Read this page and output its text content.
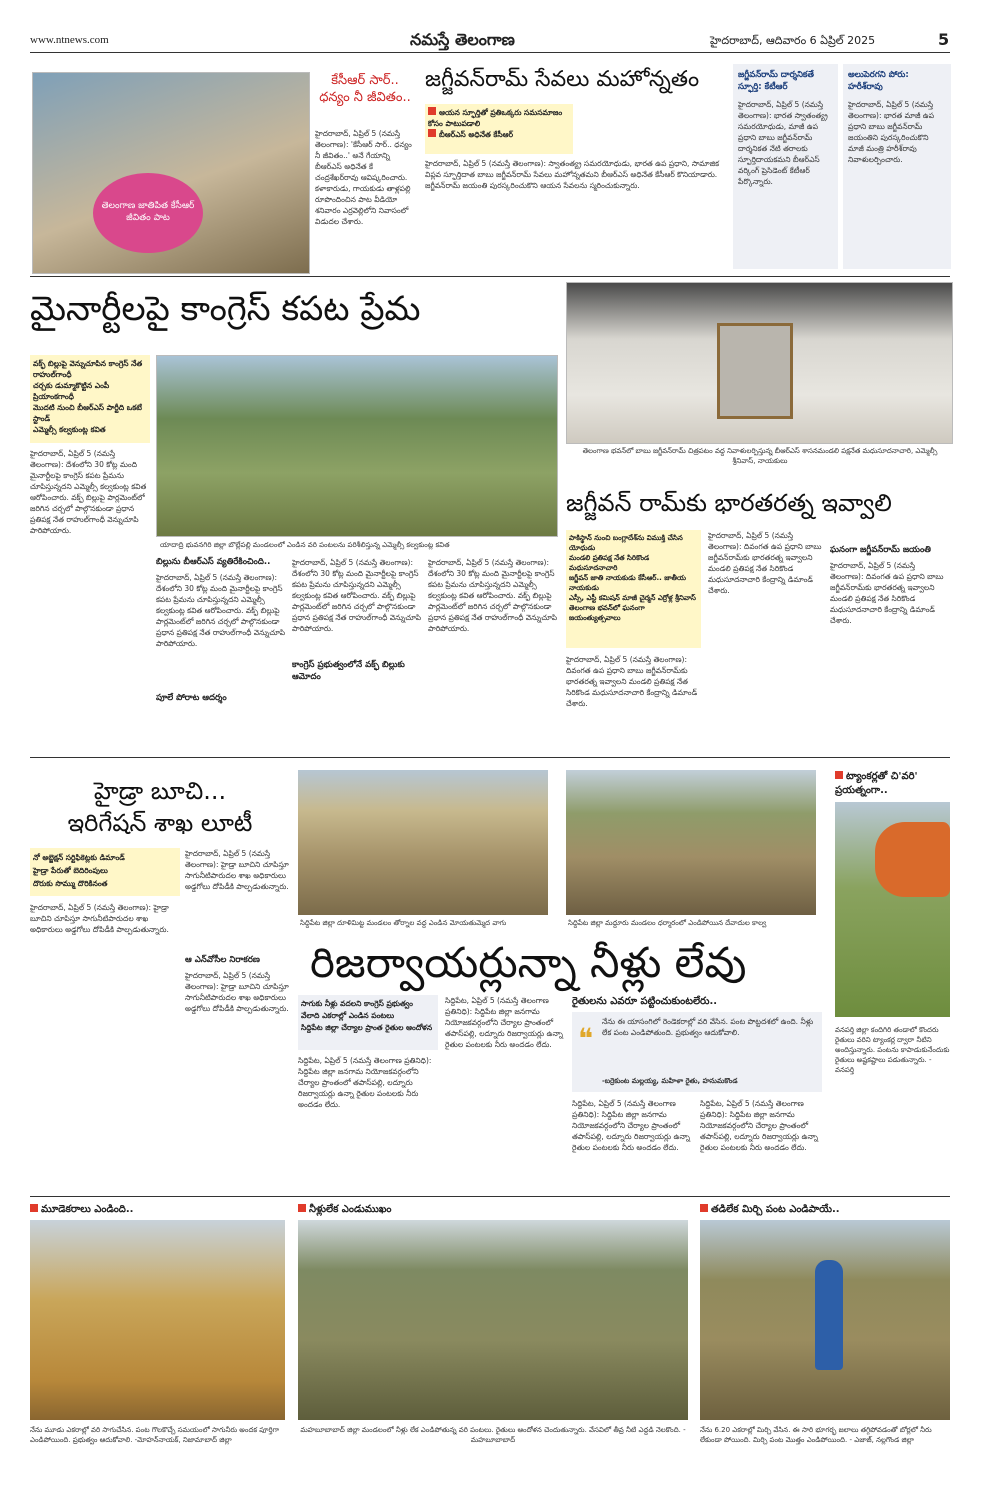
www.ntnews.com	నమస్తే తెలంగాణ	హైదరాబాద్, ఆదివారం 6 ఏప్రిల్ 2025	5
తెలంగాణ జాతిపిత కేసీఆర్ జీవితం పాట
కేసీఆర్ సార్.. ధన్యం నీ జీవితం..
హైదరాబాద్, ఏప్రిల్ 5 (నమస్తే తెలంగాణ): 'కేసీఆర్ సార్.. ధన్యం నీ జీవితం..' అనే గేయాన్ని బీఆర్‌ఎస్ అధినేత కే చంద్రశేఖర్‌రావు ఆవిష్కరించారు. కళాకారుడు, గాయకుడు తాళ్లపల్లి రూపొందించిన పాట వీడియో శనివారం ఎర్రవెల్లిలోని నివాసంలో విడుదల చేశారు.
జగ్జీవన్‌రామ్ సేవలు మహోన్నతం
ఆయన స్ఫూర్తితో ప్రతిఒక్కరు సమసమాజం కోసం పాటుపడాలి
బీఆర్‌ఎస్ అధినేత కేసీఆర్
హైదరాబాద్, ఏప్రిల్ 5 (నమస్తే తెలంగాణ): స్వాతంత్య్ర సమరయోధుడు, భారత ఉప ప్రధాని, సామాజిక విప్లవ స్ఫూర్తిదాత బాబు జగ్జీవన్‌రామ్ సేవలు మహోన్నతమని బీఆర్‌ఎస్ అధినేత కేసీఆర్ కొనియాడారు. జగ్జీవన్‌రామ్ జయంతి పురస్కరించుకొని ఆయన సేవలను స్మరించుకున్నారు.
జగ్జీవన్‌రామ్ దార్శనికతే స్ఫూర్తి: కేటీఆర్
హైదరాబాద్, ఏప్రిల్ 5 (నమస్తే తెలంగాణ): భారత స్వాతంత్య్ర సమరయోధుడు, మాజీ ఉప ప్రధాని బాబు జగ్జీవన్‌రామ్ దార్శనికత నేటి తరాలకు స్ఫూర్తిదాయకమని బీఆర్‌ఎస్ వర్కింగ్ ప్రెసిడెంట్ కేటీఆర్ పేర్కొన్నారు.
అలుపెరగని పోరు: హరీశ్‌రావు
హైదరాబాద్, ఏప్రిల్ 5 (నమస్తే తెలంగాణ): భారత మాజీ ఉప ప్రధాని బాబు జగ్జీవన్‌రామ్ జయంతిని పురస్కరించుకొని మాజీ మంత్రి హరీశ్‌రావు నివాళులర్పించారు.
మైనార్టీలపై కాంగ్రెస్ కపట ప్రేమ
వక్ఫ్ బిల్లుపై వెన్నుచూపిన కాంగ్రెస్ నేత రాహుల్‌గాంధీ
చర్చకు డుమ్మాకొట్టిన ఎంపీ ప్రియాంకగాంధీ
మొదటి నుంచి బీఆర్‌ఎస్ పార్టీది ఒకటే స్టాండ్
ఎమ్మెల్సీ కల్వకుంట్ల కవిత
హైదరాబాద్, ఏప్రిల్ 5 (నమస్తే తెలంగాణ): దేశంలోని 30 కోట్ల మంది మైనార్టీలపై కాంగ్రెస్ కపట ప్రేమను చూపిస్తున్నదని ఎమ్మెల్సీ కల్వకుంట్ల కవిత ఆరోపించారు. వక్ఫ్ బిల్లుపై పార్లమెంట్‌లో జరిగిన చర్చలో పాల్గొనకుండా ప్రధాన ప్రతిపక్ష నేత రాహుల్‌గాంధీ వెన్నుచూపి పారిపోయారు.
యాదాద్రి భువనగిరి జిల్లా బొల్లేపల్లి మండలంలో ఎండిన వరి పంటలను పరిశీలిస్తున్న ఎమ్మెల్సీ కల్వకుంట్ల కవిత
బిల్లును బీఆర్‌ఎస్ వ్యతిరేకించింది..
హైదరాబాద్, ఏప్రిల్ 5 (నమస్తే తెలంగాణ): దేశంలోని 30 కోట్ల మంది మైనార్టీలపై కాంగ్రెస్ కపట ప్రేమను చూపిస్తున్నదని ఎమ్మెల్సీ కల్వకుంట్ల కవిత ఆరోపించారు. వక్ఫ్ బిల్లుపై పార్లమెంట్‌లో జరిగిన చర్చలో పాల్గొనకుండా ప్రధాన ప్రతిపక్ష నేత రాహుల్‌గాంధీ వెన్నుచూపి పారిపోయారు.
పూలే పోరాట ఆదర్శం
హైదరాబాద్, ఏప్రిల్ 5 (నమస్తే తెలంగాణ): దేశంలోని 30 కోట్ల మంది మైనార్టీలపై కాంగ్రెస్ కపట ప్రేమను చూపిస్తున్నదని ఎమ్మెల్సీ కల్వకుంట్ల కవిత ఆరోపించారు. వక్ఫ్ బిల్లుపై పార్లమెంట్‌లో జరిగిన చర్చలో పాల్గొనకుండా ప్రధాన ప్రతిపక్ష నేత రాహుల్‌గాంధీ వెన్నుచూపి పారిపోయారు.
కాంగ్రెస్ ప్రభుత్వంలోనే వక్ఫ్ బిల్లుకు ఆమోదం
హైదరాబాద్, ఏప్రిల్ 5 (నమస్తే తెలంగాణ): దేశంలోని 30 కోట్ల మంది మైనార్టీలపై కాంగ్రెస్ కపట ప్రేమను చూపిస్తున్నదని ఎమ్మెల్సీ కల్వకుంట్ల కవిత ఆరోపించారు. వక్ఫ్ బిల్లుపై పార్లమెంట్‌లో జరిగిన చర్చలో పాల్గొనకుండా ప్రధాన ప్రతిపక్ష నేత రాహుల్‌గాంధీ వెన్నుచూపి పారిపోయారు.
తెలంగాణ భవన్‌లో బాబు జగ్జీవన్‌రామ్ చిత్రపటం వద్ద నివాళులర్పిస్తున్న బీఆర్‌ఎస్ శాసనమండలి పక్షనేత మధుసూదనాచారి, ఎమ్మెల్సీ శ్రీనివాస్, నాయకులు
జగ్జీవన్ రామ్‌కు భారతరత్న ఇవ్వాలి
పాకిస్థాన్ నుంచి బంగ్లాదేశ్‌ను విముక్తి చేసిన యోధుడు
మండలి ప్రతిపక్ష నేత సిరికొండ మధుసూదనాచారి
జగ్జీవన్ జాతి నాయకుడు కేసీఆర్.. జాతీయ నాయకుడు
ఎస్సీ, ఎస్టీ కమిషన్ మాజీ చైర్మన్ ఎర్రోళ్ల శ్రీనివాస్
తెలంగాణ భవన్‌లో ఘనంగా జయంత్యుత్సవాలు
హైదరాబాద్, ఏప్రిల్ 5 (నమస్తే తెలంగాణ): దివంగత ఉప ప్రధాని బాబు జగ్జీవన్‌రామ్‌కు భారతరత్న ఇవ్వాలని మండలి ప్రతిపక్ష నేత సిరికొండ మధుసూదనాచారి కేంద్రాన్ని డిమాండ్ చేశారు.
హైదరాబాద్, ఏప్రిల్ 5 (నమస్తే తెలంగాణ): దివంగత ఉప ప్రధాని బాబు జగ్జీవన్‌రామ్‌కు భారతరత్న ఇవ్వాలని మండలి ప్రతిపక్ష నేత సిరికొండ మధుసూదనాచారి కేంద్రాన్ని డిమాండ్ చేశారు.
ఘనంగా జగ్జీవన్‌రామ్ జయంతి
హైదరాబాద్, ఏప్రిల్ 5 (నమస్తే తెలంగాణ): దివంగత ఉప ప్రధాని బాబు జగ్జీవన్‌రామ్‌కు భారతరత్న ఇవ్వాలని మండలి ప్రతిపక్ష నేత సిరికొండ మధుసూదనాచారి కేంద్రాన్ని డిమాండ్ చేశారు.
హైడ్రా బూచి...
ఇరిగేషన్ శాఖ లూటీ
నో అబ్జెక్షన్ సర్టిఫికెట్లకు డిమాండ్
హైడ్రా పేరుతో బెదిరింపులు
దొరుకు సొమ్ము దొరికినంత
హైదరాబాద్, ఏప్రిల్ 5 (నమస్తే తెలంగాణ): హైడ్రా బూచిని చూపిస్తూ సాగునీటిపారుదల శాఖ అధికారులు అడ్డగోలు దోపిడీకి పాల్పడుతున్నారు.
హైదరాబాద్, ఏప్రిల్ 5 (నమస్తే తెలంగాణ): హైడ్రా బూచిని చూపిస్తూ సాగునీటిపారుదల శాఖ అధికారులు అడ్డగోలు దోపిడీకి పాల్పడుతున్నారు.
ఆ ఎన్‌వోసీల నిరాకరణ
హైదరాబాద్, ఏప్రిల్ 5 (నమస్తే తెలంగాణ): హైడ్రా బూచిని చూపిస్తూ సాగునీటిపారుదల శాఖ అధికారులు అడ్డగోలు దోపిడీకి పాల్పడుతున్నారు.
సిద్దిపేట జిల్లా దూళిమిట్ట మండలం తోర్నాల వద్ద ఎండిన మోయతుమ్మెద వాగు	సిద్దిపేట జిల్లా మద్దూరు మండలం ధర్మారంలో ఎండిపోయిన దేవాదుల కాల్వ
ట్యాంకర్లతో చి'వరి' ప్రయత్నంగా..
వనపర్తి జిల్లా కందిగిరి తండాలో కొందరు రైతులు వరిని ట్యాంకర్ల ద్వారా నీటిని అందిస్తున్నారు. పంటను కాపాడుకునేందుకు రైతులు అష్టకష్టాలు పడుతున్నారు. - వనపర్తి
రిజర్వాయర్లున్నా నీళ్లు లేవు
సాగుకు నీళ్లు వదలని కాంగ్రెస్ ప్రభుత్వం
వేలాది ఎకరాల్లో ఎండిన పంటలు
సిద్దిపేట జిల్లా చేర్యాల ప్రాంత రైతుల ఆందోళన
సిద్దిపేట, ఏప్రిల్ 5 (నమస్తే తెలంగాణ ప్రతినిధి): సిద్దిపేట జిల్లా జనగామ నియోజకవర్గంలోని చేర్యాల ప్రాంతంలో తపాస్‌పల్లి, లద్నూరు రిజర్వాయర్లు ఉన్నా రైతుల పంటలకు నీరు అందడం లేదు.
సిద్దిపేట, ఏప్రిల్ 5 (నమస్తే తెలంగాణ ప్రతినిధి): సిద్దిపేట జిల్లా జనగామ నియోజకవర్గంలోని చేర్యాల ప్రాంతంలో తపాస్‌పల్లి, లద్నూరు రిజర్వాయర్లు ఉన్నా రైతుల పంటలకు నీరు అందడం లేదు.
రైతులను ఎవరూ పట్టించుకుంటలేరు..
❝
నేను ఈ యాసంగిలో రెండెకరాల్లో వరి వేసిన. పంట పొట్టదశలో ఉంది. నీళ్లు లేక పంట ఎండిపోతుంది. ప్రభుత్వం ఆదుకోవాలి.
-బర్రెకుంట మల్లయ్య, మహిళా రైతు, హనుమకొండ
సిద్దిపేట, ఏప్రిల్ 5 (నమస్తే తెలంగాణ ప్రతినిధి): సిద్దిపేట జిల్లా జనగామ నియోజకవర్గంలోని చేర్యాల ప్రాంతంలో తపాస్‌పల్లి, లద్నూరు రిజర్వాయర్లు ఉన్నా రైతుల పంటలకు నీరు అందడం లేదు.
సిద్దిపేట, ఏప్రిల్ 5 (నమస్తే తెలంగాణ ప్రతినిధి): సిద్దిపేట జిల్లా జనగామ నియోజకవర్గంలోని చేర్యాల ప్రాంతంలో తపాస్‌పల్లి, లద్నూరు రిజర్వాయర్లు ఉన్నా రైతుల పంటలకు నీరు అందడం లేదు.
మూడెకరాలు ఎండింది..
నేను మూడు ఎకరాల్లో వరి సాగుచేసిన. పంట గొలకొచ్చే సమయంలో సాగునీరు అందక పూర్తిగా ఎండిపోయింది. ప్రభుత్వం ఆదుకోవాలి. -మోహన్‌నాయక్, నిజామాబాద్ జిల్లా
నీళ్లులేక ఎండుముఖం
మహబూబాబాద్ జిల్లా మండలంలో నీళ్లు లేక ఎండిపోతున్న వరి పంటలు. రైతులు ఆందోళన చెందుతున్నారు. వేసవిలో తీవ్ర నీటి ఎద్దడి నెలకొంది. - మహబూబాబాద్
తడిలేక మిర్చి పంట ఎండిపాయే..
నేను 6.20 ఎకరాల్లో మిర్చి వేసిన. ఈ సారి భూగర్భ జలాలు తగ్గిపోవడంతో బోర్లలో నీరు లేకుండా పోయింది. మిర్చి పంట మొత్తం ఎండిపోయింది. - ఎజాజ్, నల్లగొండ జిల్లా
